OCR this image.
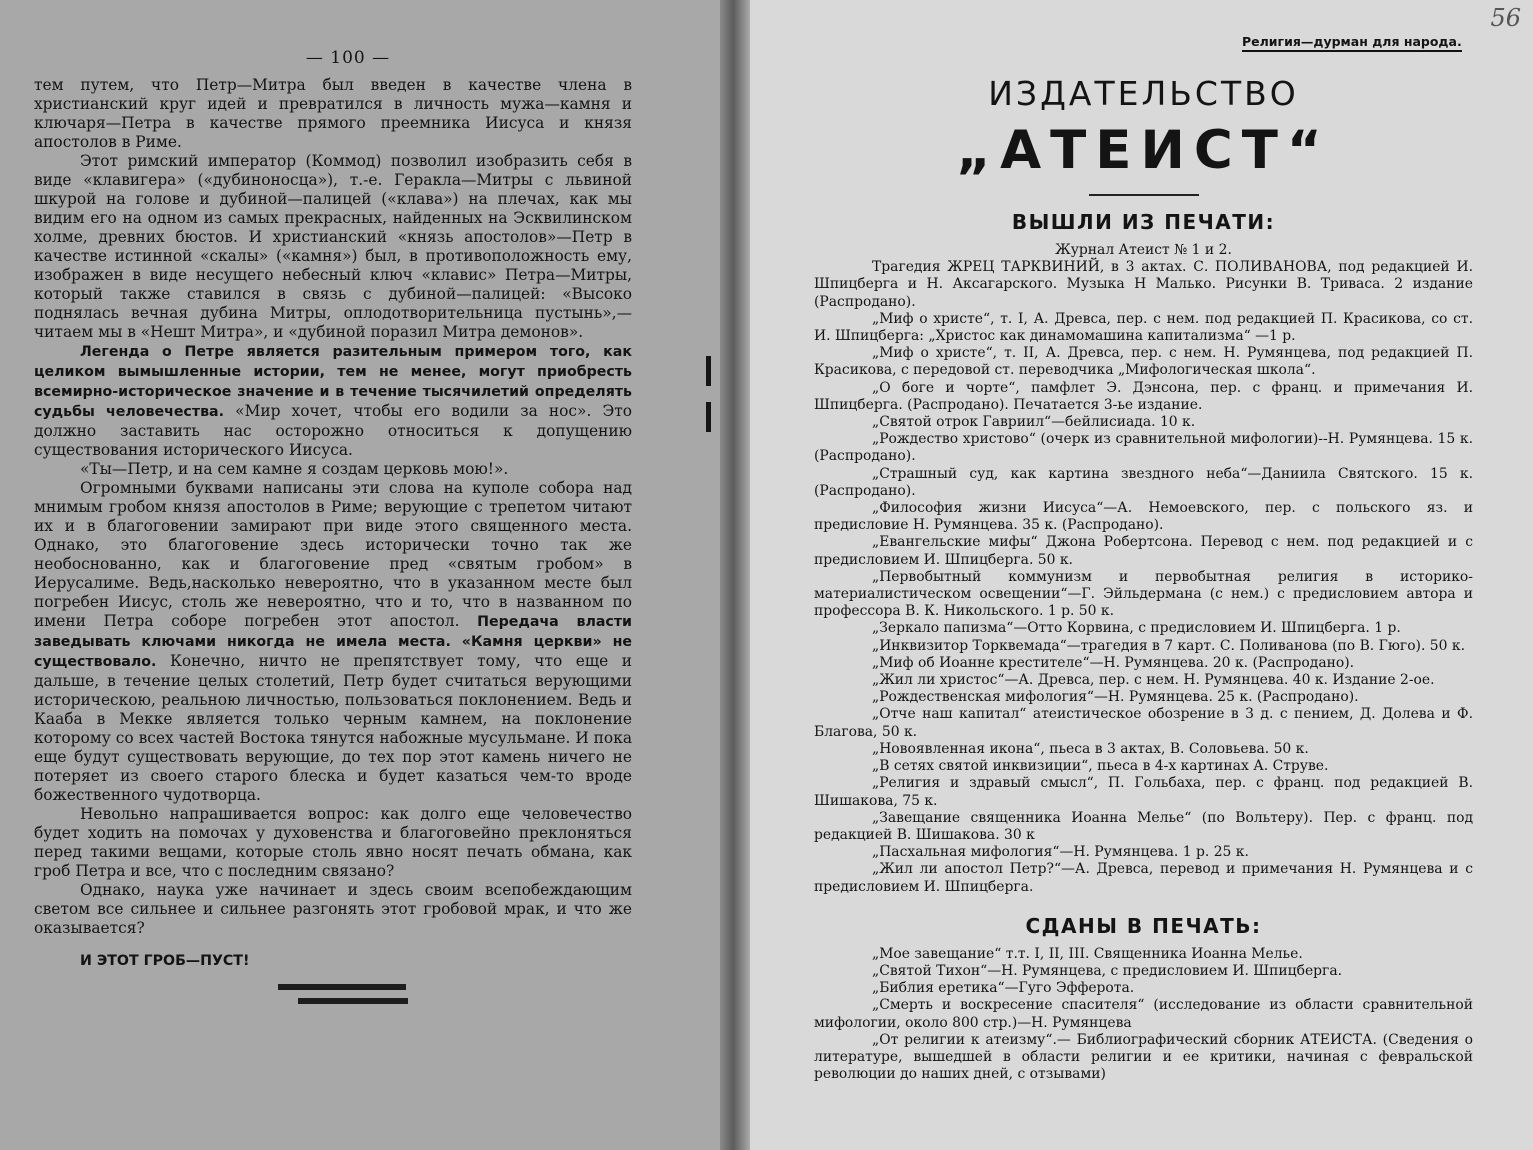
— 100 —

тем путем, что Петр—Митра был введен в качестве члена в христианский круг идей и превратился в личность мужа—камня и ключаря—Петра в качестве прямого преемника Иисуса и князя апостолов в Риме.

Этот римский император (Коммод) позволил изобразить себя в виде «клавигера» («дубиноносца»), т.-е. Геракла—Митры с львиной шкурой на голове и дубиной—палицей («клава») на плечах, как мы видим его на одном из самых прекрасных, найденных на Эсквилинском холме, древних бюстов. И христианский «князь апостолов»—Петр в качестве истинной «скалы» («камня») был, в противоположность ему, изображен в виде несущего небесный ключ «клавис» Петра—Митры, который также ставился в связь с дубиной—палицей: «Высоко поднялась вечная дубина Митры, оплодотворительница пустынь»,—читаем мы в «Нешт Митра», и «дубиной поразил Митра демонов».

Легенда о Петре является разительным примером того, как целиком вымышленные истории, тем не менее, могут приобресть всемирно-историческое значение и в течение тысячилетий определять судьбы человечества. «Мир хочет, чтобы его водили за нос». Это должно заставить нас осторожно относиться к допущению существования исторического Иисуса.

«Ты—Петр, и на сем камне я создам церковь мою!».

Огромными буквами написаны эти слова на куполе собора над мнимым гробом князя апостолов в Риме; верующие с трепетом читают их и в благоговении замирают при виде этого священного места. Однако, это благоговение здесь исторически точно так же необоснованно, как и благоговение пред «святым гробом» в Иерусалиме. Ведь,насколько невероятно, что в указанном месте был погребен Иисус, столь же невероятно, что и то, что в названном по имени Петра соборе погребен этот апостол. Передача власти заведывать ключами никогда не имела места. «Камня церкви» не существовало. Конечно, ничто не препятствует тому, что еще и дальше, в течение целых столетий, Петр будет считаться верующими историческою, реальною личностью, пользоваться поклонением. Ведь и Кааба в Мекке является только черным камнем, на поклонение которому со всех частей Востока тянутся набожные мусульмане. И пока еще будут существовать верующие, до тех пор этот камень ничего не потеряет из своего старого блеска и будет казаться чем-то вроде божественного чудотворца.

Невольно напрашивается вопрос: как долго еще человечество будет ходить на помочах у духовенства и благоговейно преклоняться перед такими вещами, которые столь явно носят печать обмана, как гроб Петра и все, что с последним связано?

Однако, наука уже начинает и здесь своим всепобеждающим светом все сильнее и сильнее разгонять этот гробовой мрак, и что же оказывается?

И ЭТОТ ГРОБ—ПУСТ!

56
Религия—дурман для народа.
ИЗДАТЕЛЬСТВО
„АТЕИСТ“
ВЫШЛИ ИЗ ПЕЧАТИ:

Журнал Атеист № 1 и 2.

Трагедия ЖРЕЦ ТАРКВИНИЙ, в 3 актах. С. ПОЛИВАНОВА, под редакцией И. Шпицберга и Н. Аксагарского. Музыка Н Малько. Рисунки В. Триваса. 2 издание (Распродано).

„Миф о христе“, т. I, А. Древса, пер. с нем. под редакцией П. Красикова, со ст. И. Шпицберга: „Христос как динамомашина капитализма“ —1 р.

„Миф о христе“, т. II, А. Древса, пер. с нем. Н. Румянцева, под редакцией П. Красикова, с передовой ст. переводчика „Мифологическая школа“.

„О боге и чорте“, памфлет Э. Дэнсона, пер. с франц. и примечания И. Шпицберга. (Распродано). Печатается 3-ье издание.

„Святой отрок Гавриил“—бейлисиада. 10 к.

„Рождество христово“ (очерк из сравнительной мифологии)--Н. Румянцева. 15 к. (Распродано).

„Страшный суд, как картина звездного неба“—Даниила Святского. 15 к. (Распродано).

„Философия жизни Иисуса“—А. Немоевского, пер. с польского яз. и предисловие Н. Румянцева. 35 к. (Распродано).

„Евангельские мифы“ Джона Робертсона. Перевод с нем. под редакцией и с предисловием И. Шпицберга. 50 к.

„Первобытный коммунизм и первобытная религия в историко-материалистическом освещении“—Г. Эйльдермана (с нем.) с предисловием автора и профессора В. К. Никольского. 1 р. 50 к.

„Зеркало папизма“—Отто Корвина, с предисловием И. Шпицберга. 1 р.

„Инквизитор Торквемада“—трагедия в 7 карт. С. Поливанова (по В. Гюго). 50 к.

„Миф об Иоанне крестителе“—Н. Румянцева. 20 к. (Распродано).

„Жил ли христос“—А. Древса, пер. с нем. Н. Румянцева. 40 к. Издание 2-ое.

„Рождественская мифология“—Н. Румянцева. 25 к. (Распродано).

„Отче наш капитал“ атеистическое обозрение в 3 д. с пением, Д. Долева и Ф. Благова, 50 к.

„Новоявленная икона“, пьеса в 3 актах, В. Соловьева. 50 к.

„В сетях святой инквизиции“, пьеса в 4-х картинах А. Струве.

„Религия и здравый смысл“, П. Гольбаха, пер. с франц. под редакцией В. Шишакова, 75 к.

„Завещание священника Иоанна Мелье“ (по Вольтеру). Пер. с франц. под редакцией В. Шишакова. 30 к

„Пасхальная мифология“—Н. Румянцева. 1 р. 25 к.

„Жил ли апостол Петр?“—А. Древса, перевод и примечания Н. Румянцева и с предисловием И. Шпицберга.

СДАНЫ В ПЕЧАТЬ:

„Мое завещание“ т.т. I, II, III. Священника Иоанна Мелье.

„Святой Тихон“—Н. Румянцева, с предисловием И. Шпицберга.

„Библия еретика“—Гуго Эфферота.

„Смерть и воскресение спасителя“ (исследование из области сравнительной мифологии, около 800 стр.)—Н. Румянцева

„От религии к атеизму“.— Библиографический сборник АТЕИСТА. (Сведения о литературе, вышедшей в области религии и ее критики, начиная с февральской революции до наших дней, с отзывами)
